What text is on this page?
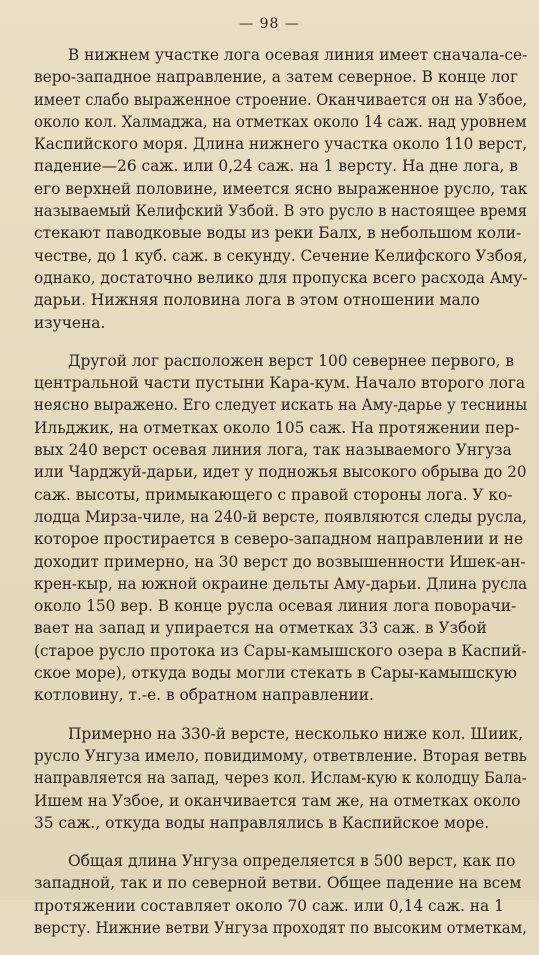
— 98 —

В нижнем участке лога осевая линия имеет сначала-се-
веро-западное направление, а затем северное. В конце лог
имеет слабо выраженное строение. Оканчивается он на Узбое,
около кол. Халмаджа, на отметках около 14 саж. над уровнем
Каспийского моря. Длина нижнего участка около 110 верст,
падение—26 саж. или 0,24 саж. на 1 версту. На дне лога, в
его верхней половине, имеется ясно выраженное русло, так
называемый Келифский Узбой. В это русло в настоящее время
стекают паводковые воды из реки Балх, в небольшом коли-
честве, до 1 куб. саж. в секунду. Сечение Келифского Узбоя,
однако, достаточно велико для пропуска всего расхода Аму-
дарьи. Нижняя половина лога в этом отношении мало
изучена.

Другой лог расположен верст 100 севернее первого, в
центральной части пустыни Кара-кум. Начало второго лога
неясно выраженo. Его следует искать на Аму-дарье у теснины
Ильджик, на отметках около 105 саж. На протяжении пер-
вых 240 верст осевая линия лога, так называемого Унгуза
или Чарджуй-дарьи, идет у подножья высокого обрыва до 20
саж. высоты, примыкающего с правой стороны лога. У ко-
лодца Мирза-чиле, на 240-й версте, появляются следы русла,
которое простирается в северо-западном направлении и не
доходит примерно, на 30 верст до возвышенности Ишек-ан-
крен-кыр, на южной окраине дельты Аму-дарьи. Длина русла
около 150 вер. В конце русла осевая линия лога поворачи-
вает на запад и упирается на отметках 33 саж. в Узбой
(старое русло протока из Сары-камышского озера в Каспий-
ское море), откуда воды могли стекать в Сары-камышскую
котловину, т.-е. в обратном направлении.

Примерно на 330-й версте, несколько ниже кол. Шиик,
русло Унгуза имело, повидимому, ответвление. Вторая ветвь
направляется на запад, через кол. Ислам-кую к колодцу Бала-
Ишем на Узбое, и оканчивается там же, на отметках около
35 саж., откуда воды направлялись в Каспийское море.

Общая длина Унгуза определяется в 500 верст, как по
западной, так и по северной ветви. Общее падение на всем
протяжении составляет около 70 саж. или 0,14 саж. на 1
версту. Нижние ветви Унгуза проходят по высоким отметкам,
